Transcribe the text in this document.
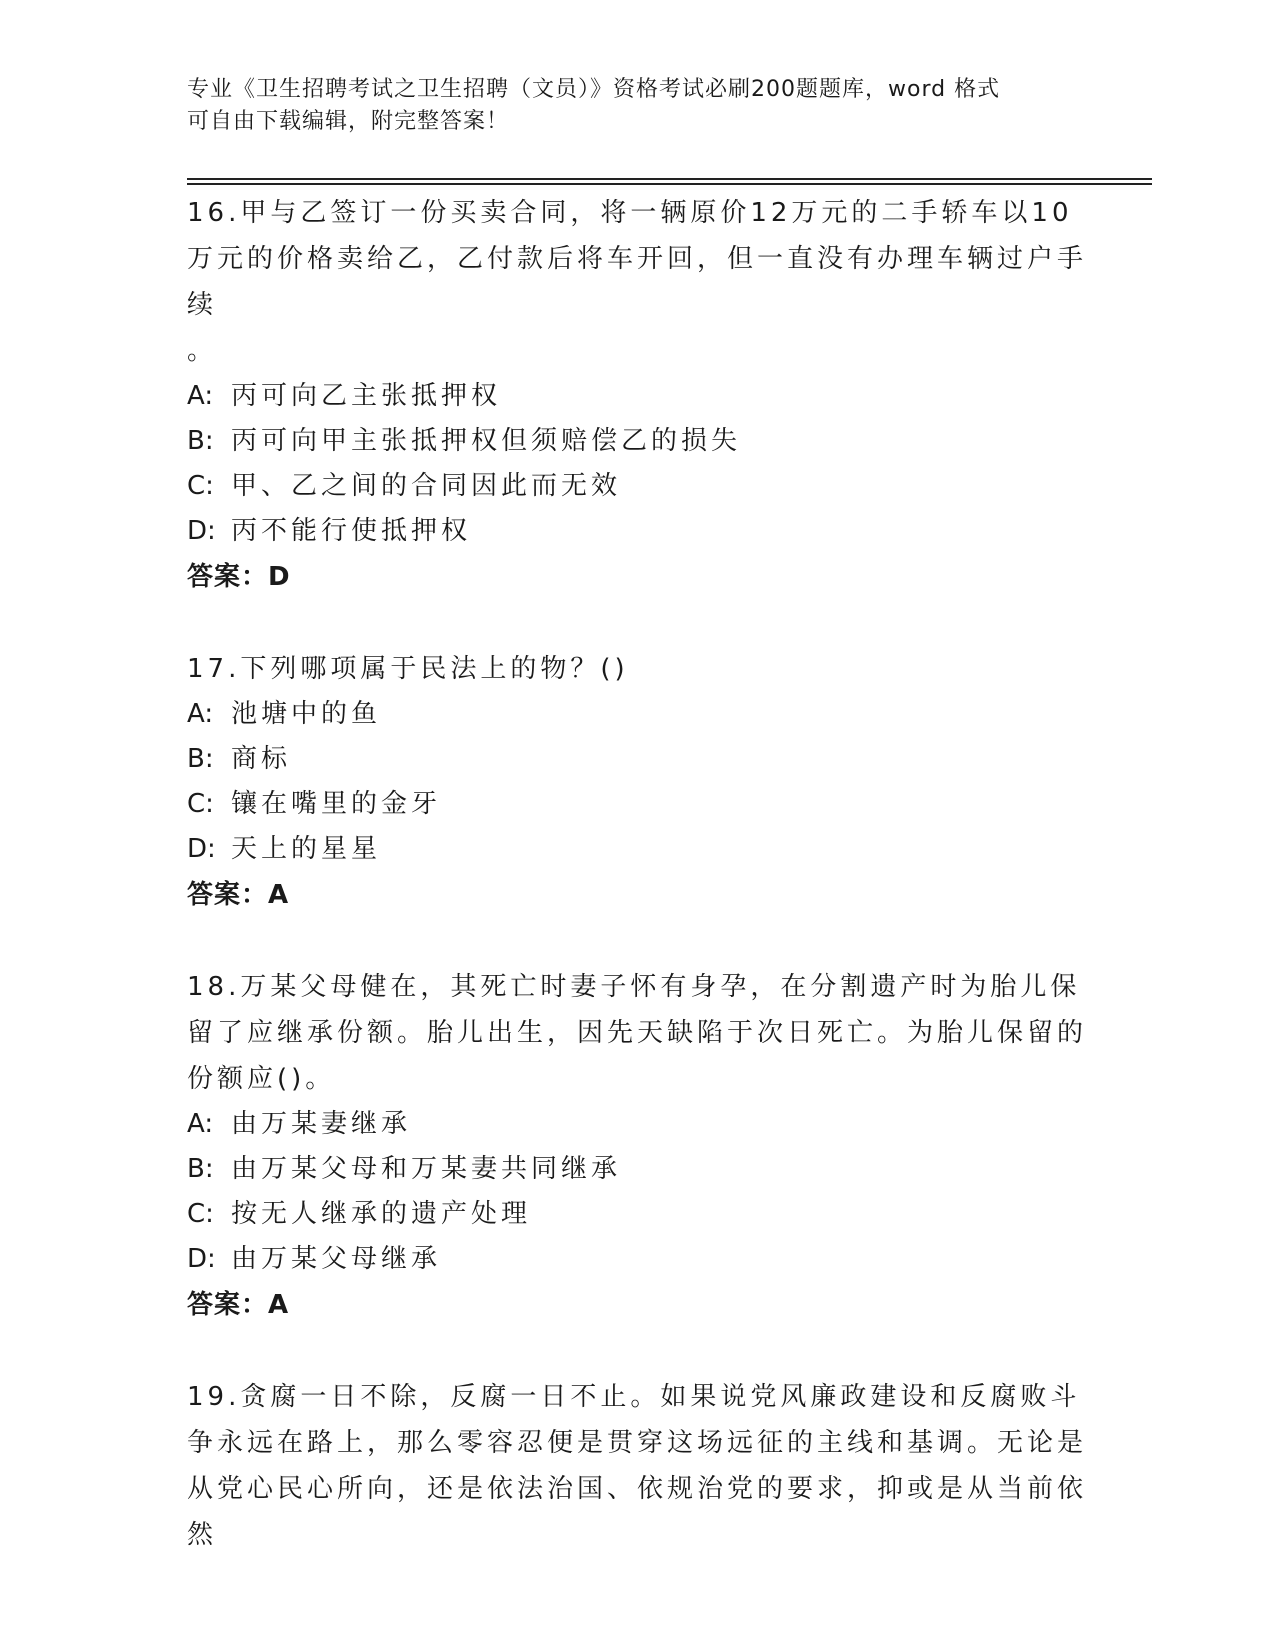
专业《卫生招聘考试之卫生招聘（文员）》资格考试必刷200题题库，word 格式
可自由下载编辑，附完整答案！

16.甲与乙签订一份买卖合同，将一辆原价12万元的二手轿车以10万元的价格卖给乙，乙付款后将车开回，但一直没有办理车辆过户手续

。

A: 丙可向乙主张抵押权
B: 丙可向甲主张抵押权但须赔偿乙的损失
C: 甲、乙之间的合同因此而无效
D: 丙不能行使抵押权

答案：D

17.下列哪项属于民法上的物？()

A: 池塘中的鱼
B: 商标
C: 镶在嘴里的金牙
D: 天上的星星

答案：A

18.万某父母健在，其死亡时妻子怀有身孕，在分割遗产时为胎儿保留了应继承份额。胎儿出生，因先天缺陷于次日死亡。为胎儿保留的份额应()。

A: 由万某妻继承
B: 由万某父母和万某妻共同继承
C: 按无人继承的遗产处理
D: 由万某父母继承

答案：A

19.贪腐一日不除，反腐一日不止。如果说党风廉政建设和反腐败斗争永远在路上，那么零容忍便是贯穿这场远征的主线和基调。无论是从党心民心所向，还是依法治国、依规治党的要求，抑或是从当前依然
